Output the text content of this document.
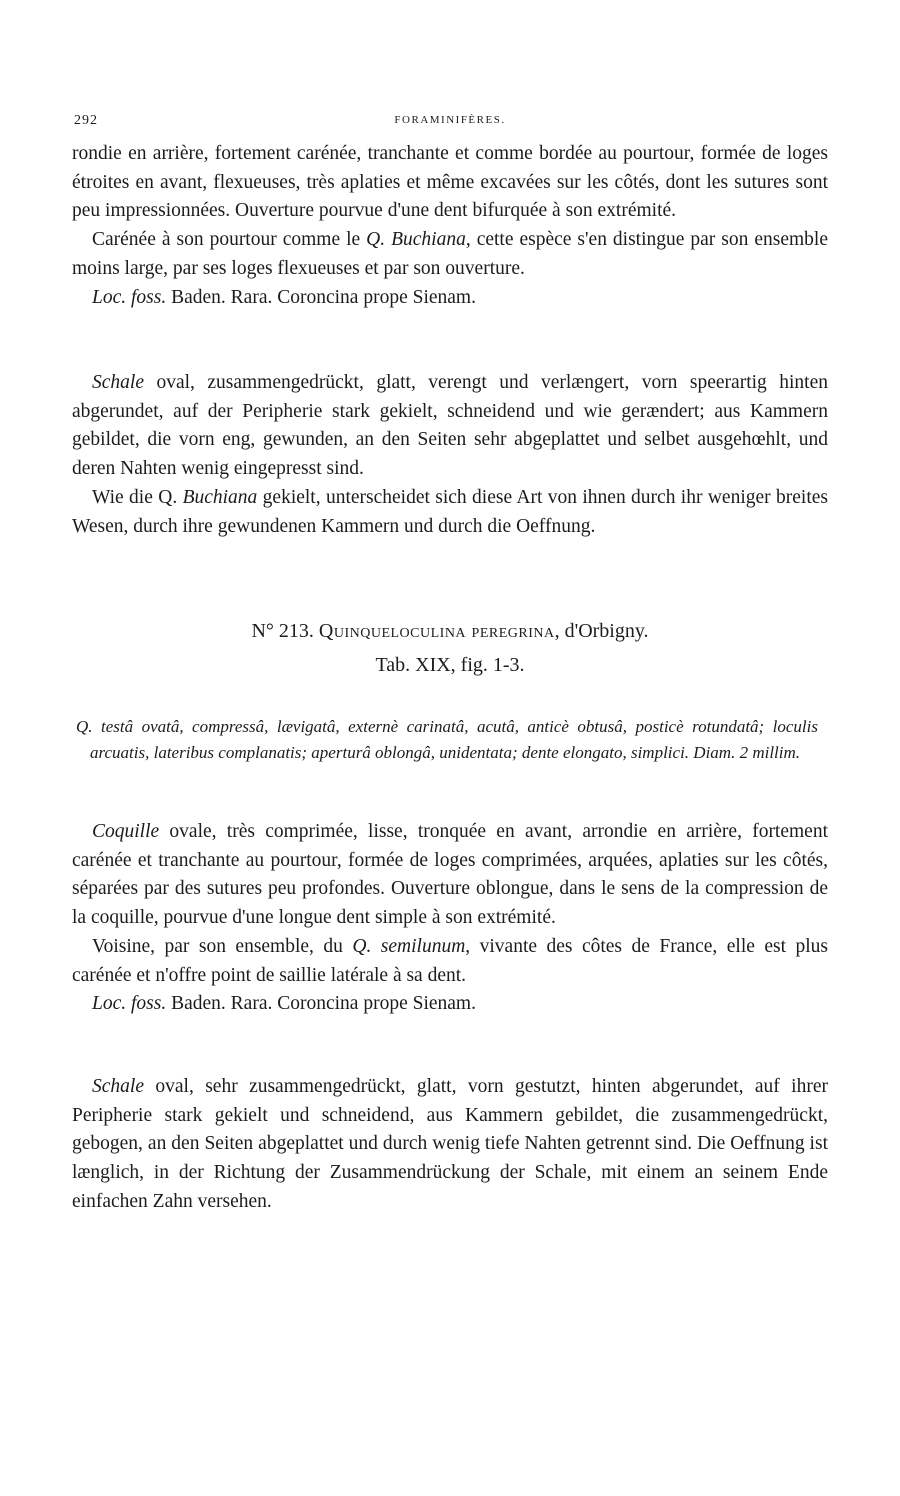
292	FORAMINIFÈRES.

rondie en arrière, fortement carénée, tranchante et comme bordée au pourtour, formée de loges étroites en avant, flexueuses, très aplaties et même excavées sur les côtés, dont les sutures sont peu impressionnées. Ouverture pourvue d'une dent bifurquée à son extrémité.

Carénée à son pourtour comme le Q. Buchiana, cette espèce s'en distingue par son ensemble moins large, par ses loges flexueuses et par son ouverture.

Loc. foss. Baden. Rara. Coroncina prope Sienam.

Schale oval, zusammengedrückt, glatt, verengt und verlængert, vorn speerartig hinten abgerundet, auf der Peripherie stark gekielt, schneidend und wie gerændert; aus Kammern gebildet, die vorn eng, gewunden, an den Seiten sehr abgeplattet und selbet ausgehœhlt, und deren Nahten wenig eingepresst sind.

Wie die Q. Buchiana gekielt, unterscheidet sich diese Art von ihnen durch ihr weniger breites Wesen, durch ihre gewundenen Kammern und durch die Oeffnung.

N° 213. Quinqueloculina peregrina, d'Orbigny.
Tab. XIX, fig. 1-3.

Q. testâ ovatâ, compressâ, lævigatâ, externè carinatâ, acutâ, anticè obtusâ, posticè rotundatâ; loculis arcuatis, lateribus complanatis; aperturâ oblongâ, unidentata; dente elongato, simplici. Diam. 2 millim.

Coquille ovale, très comprimée, lisse, tronquée en avant, arrondie en arrière, fortement carénée et tranchante au pourtour, formée de loges comprimées, arquées, aplaties sur les côtés, séparées par des sutures peu profondes. Ouverture oblongue, dans le sens de la compression de la coquille, pourvue d'une longue dent simple à son extrémité.

Voisine, par son ensemble, du Q. semilunum, vivante des côtes de France, elle est plus carénée et n'offre point de saillie latérale à sa dent.

Loc. foss. Baden. Rara. Coroncina prope Sienam.

Schale oval, sehr zusammengedrückt, glatt, vorn gestutzt, hinten abgerundet, auf ihrer Peripherie stark gekielt und schneidend, aus Kammern gebildet, die zusammengedrückt, gebogen, an den Seiten abgeplattet und durch wenig tiefe Nahten getrennt sind. Die Oeffnung ist længlich, in der Richtung der Zusammendrückung der Schale, mit einem an seinem Ende einfachen Zahn versehen.
